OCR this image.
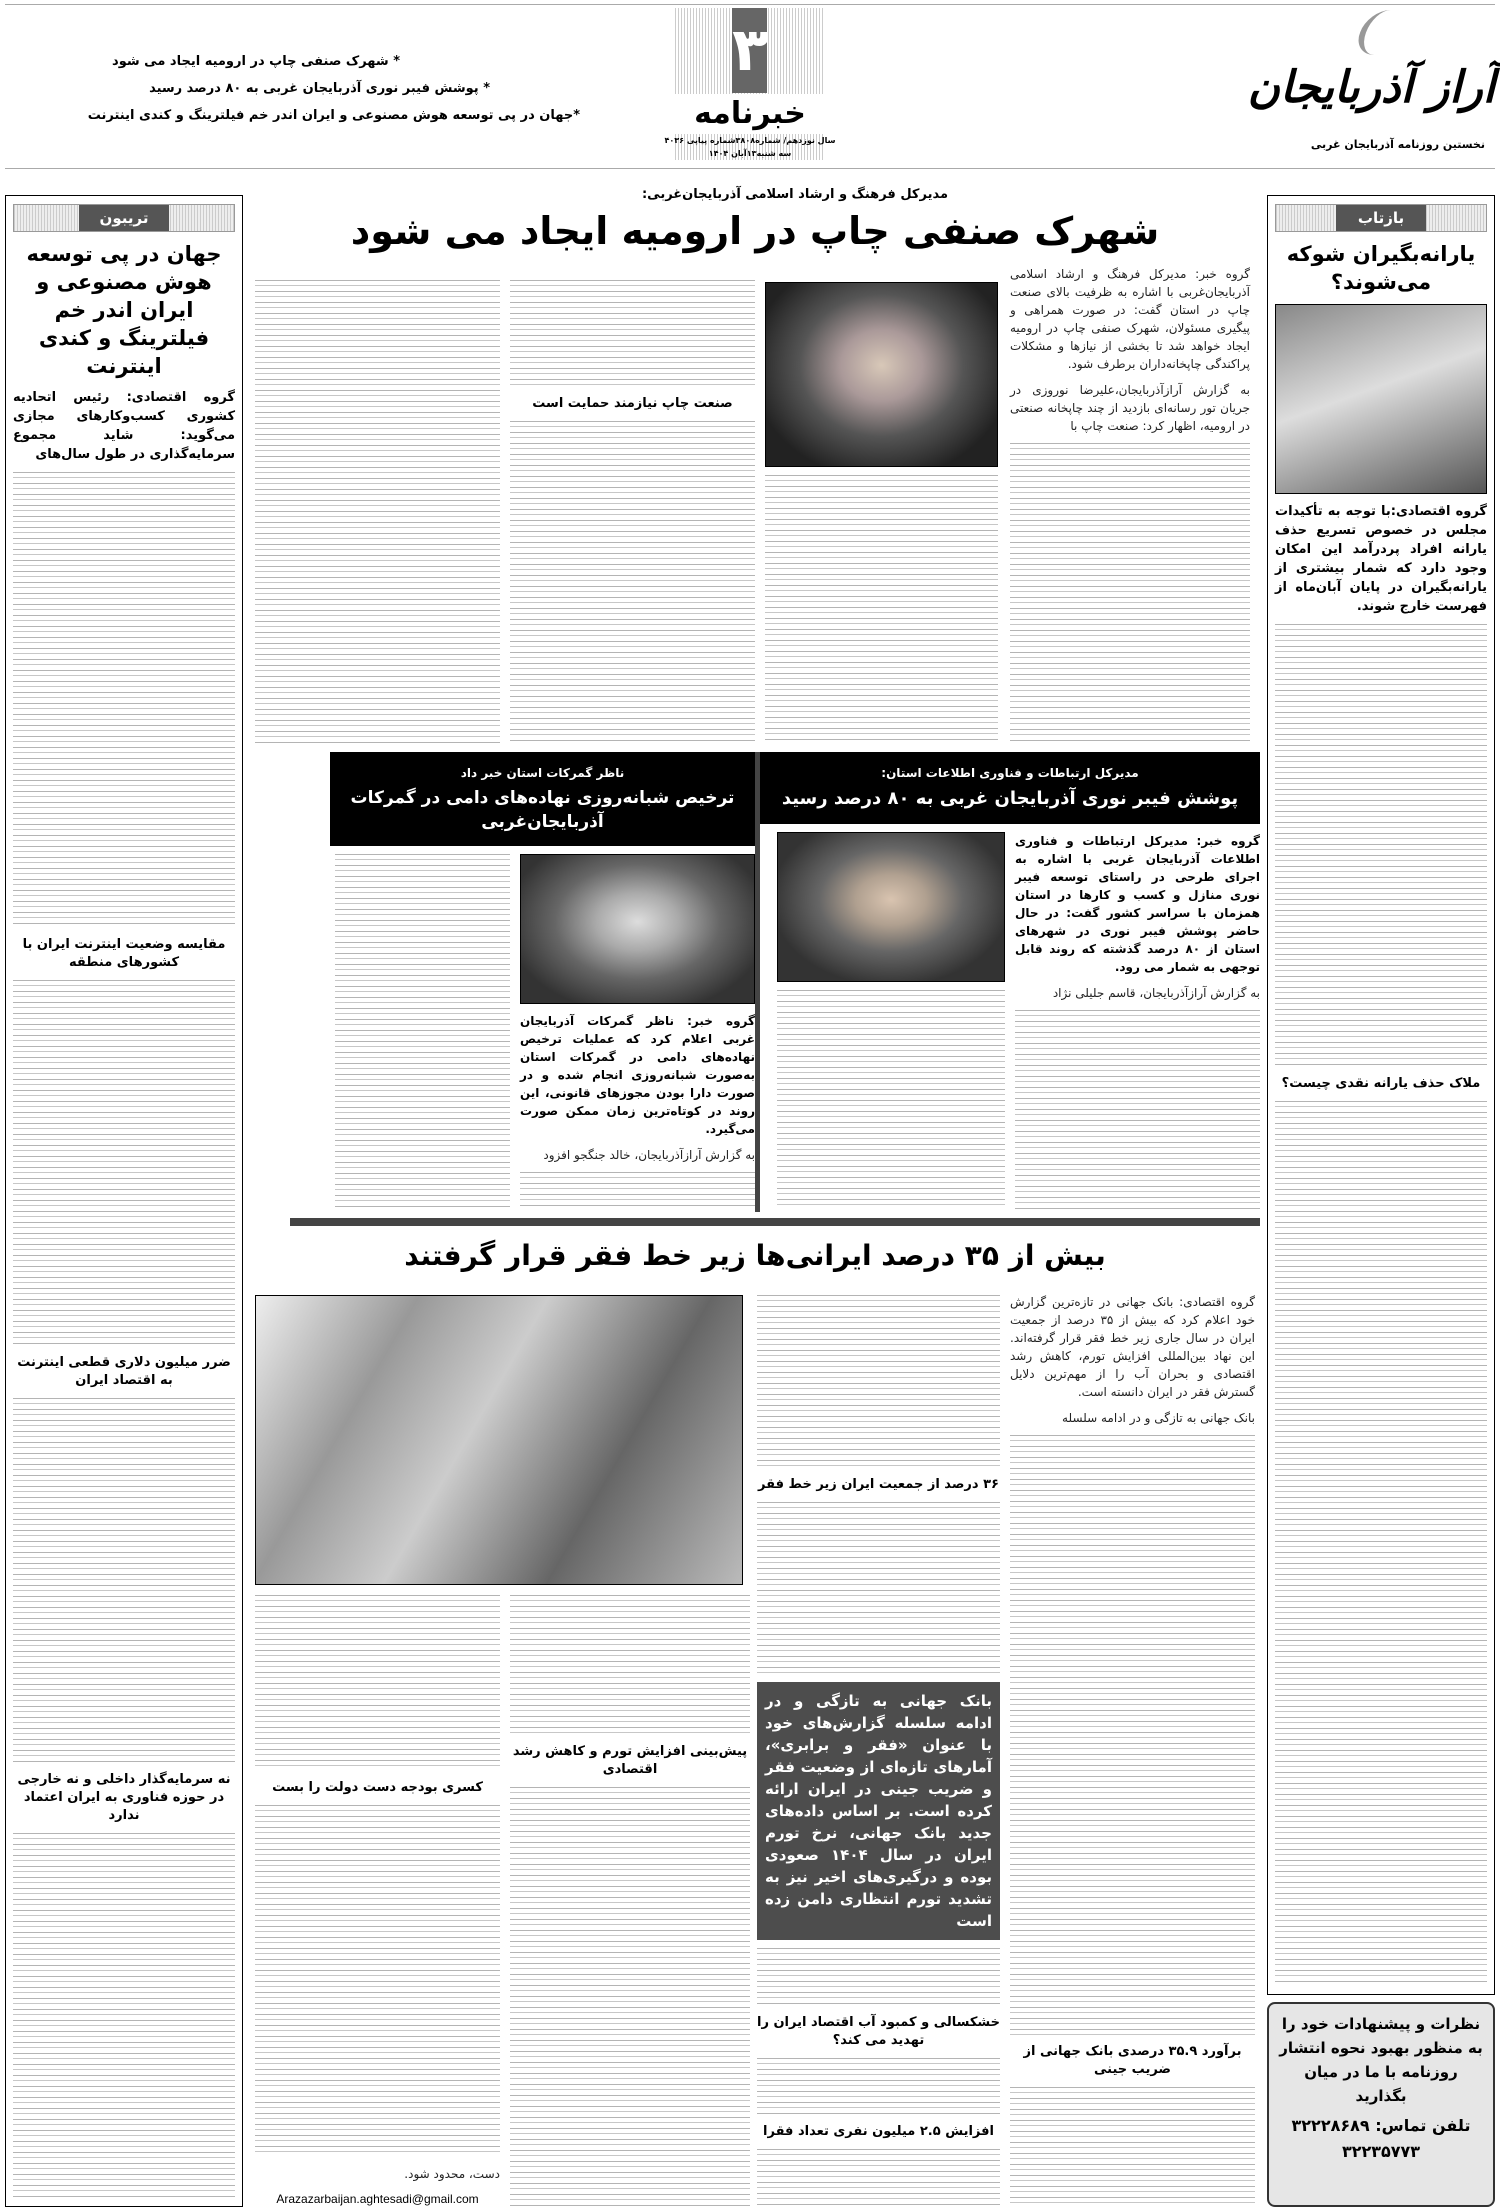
آراز آذربایجان
نخستین روزنامه آذربایجان غربی
۳
خبرنامه
سال نوزدهم/ شماره۳۸۰۸شماره پیاپی ۴۰۳۶
سه شنبه۱۳آبان ۱۴۰۴
* شهرک صنفی چاپ در ارومیه ایجاد می شود
* پوشش فیبر نوری آذربایجان غربی به ۸۰ درصد رسید
*جهان در پی توسعه هوش مصنوعی و ایران اندر خم فیلترینگ و کندی اینترنت
تریبون
جهان در پی توسعه هوش مصنوعی و ایران اندر خم فیلترینگ و کندی اینترنت
گروه اقتصادی: رئیس اتحادیه کشوری کسب‌وکارهای مجازی می‌گوید: شاید مجموع سرمایه‌گذاری در طول سال‌های
مقایسه وضعیت اینترنت ایران با کشورهای منطقه
ضرر میلیون دلاری قطعی اینترنت به اقتصاد ایران
نه سرمایه‌گذار داخلی و نه خارجی در حوزه فناوری به ایران اعتماد ندارد
بازتاب
یارانه‌بگیران شوکه می‌شوند؟
گروه اقتصادی:با توجه به تأکیدات مجلس در خصوص تسریع حذف یارانه افراد پردرآمد این امکان وجود دارد که شمار بیشتری از یارانه‌بگیران در پایان آبان‌ماه از فهرست خارج شوند.
ملاک حذف یارانه نقدی چیست؟
نظرات و پیشنهادات خود را به منظور بهبود نحوه انتشار روزنامه با ما در میان بگذارید
تلفن تماس: ۳۲۲۲۸۶۸۹
۳۲۲۳۵۷۷۳
مدیرکل فرهنگ و ارشاد اسلامی آذربایجان‌غربی:
شهرک صنفی چاپ در ارومیه ایجاد می شود
گروه خبر: مدیرکل فرهنگ و ارشاد اسلامی آذربایجان‌غربی با اشاره به ظرفیت بالای صنعت چاپ در استان گفت: در صورت همراهی و پیگیری مسئولان، شهرک صنفی چاپ در ارومیه ایجاد خواهد شد تا بخشی از نیازها و مشکلات پراکندگی چاپخانه‌داران برطرف شود.
به گزارش آرازآذربایجان،علیرضا نوروزی در جریان تور رسانه‌ای بازدید از چند چاپخانه صنعتی در ارومیه، اظهار کرد: صنعت چاپ با
صنعت چاپ نیازمند حمایت است
مدیرکل ارتباطات و فناوری اطلاعات استان:
پوشش فیبر نوری آذربایجان غربی به ۸۰ درصد رسید
گروه خبر: مدیرکل ارتباطات و فناوری اطلاعات آذربایجان غربی با اشاره به اجرای طرحی در راستای توسعه فیبر نوری منازل و کسب و کارها در استان همزمان با سراسر کشور گفت: در حال حاضر پوشش فیبر نوری در شهرهای استان از ۸۰ درصد گذشته که روند قابل توجهی به شمار می رود.
به گزارش آرازآذربایجان، قاسم جلیلی نژاد
ناظر گمرکات استان خبر داد
ترخیص شبانه‌روزی نهاده‌های دامی در گمرکات آذربایجان‌غربی
گروه خبر: ناظر گمرکات آذربایجان غربی اعلام کرد که عملیات ترخیص نهاده‌های دامی در گمرکات استان به‌صورت شبانه‌روزی انجام شده و در صورت دارا بودن مجوزهای قانونی، این روند در کوتاه‌ترین زمان ممکن صورت می‌گیرد.
به گزارش آرازآذربایجان، خالد جنگجو افزود
بیش از ۳۵ درصد ایرانی‌ها زیر خط فقر قرار گرفتند
گروه اقتصادی: بانک جهانی در تازه‌ترین گزارش خود اعلام کرد که بیش از ۳۵ درصد از جمعیت ایران در سال جاری زیر خط فقر قرار گرفته‌اند. این نهاد بین‌المللی افزایش تورم، کاهش رشد اقتصادی و بحران آب را از مهم‌ترین دلایل گسترش فقر در ایران دانسته است.
بانک جهانی به تازگی و در ادامه سلسله
برآورد ۳۵.۹ درصدی بانک جهانی از ضریب جینی
۳۶ درصد از جمعیت ایران زیر خط فقر
بانک جهانی به تازگی و در ادامه سلسله گزارش‌های خود با عنوان «فقر و برابری»، آمارهای تازه‌ای از وضعیت فقر و ضریب جینی در ایران ارائه کرده است. بر اساس داده‌های جدید بانک جهانی، نرخ تورم ایران در سال ۱۴۰۴ صعودی بوده و درگیری‌های اخیر نیز به تشدید تورم انتظاری دامن زده است
خشکسالی و کمبود آب اقتصاد ایران را تهدید می کند؟
افزایش ۲.۵ میلیون نفری تعداد فقرا
پیش‌بینی افزایش تورم و کاهش رشد اقتصادی
کسری بودجه دست دولت را بست
دست، محدود شود.
Arazazarbaijan.aghtesadi@gmail.com
